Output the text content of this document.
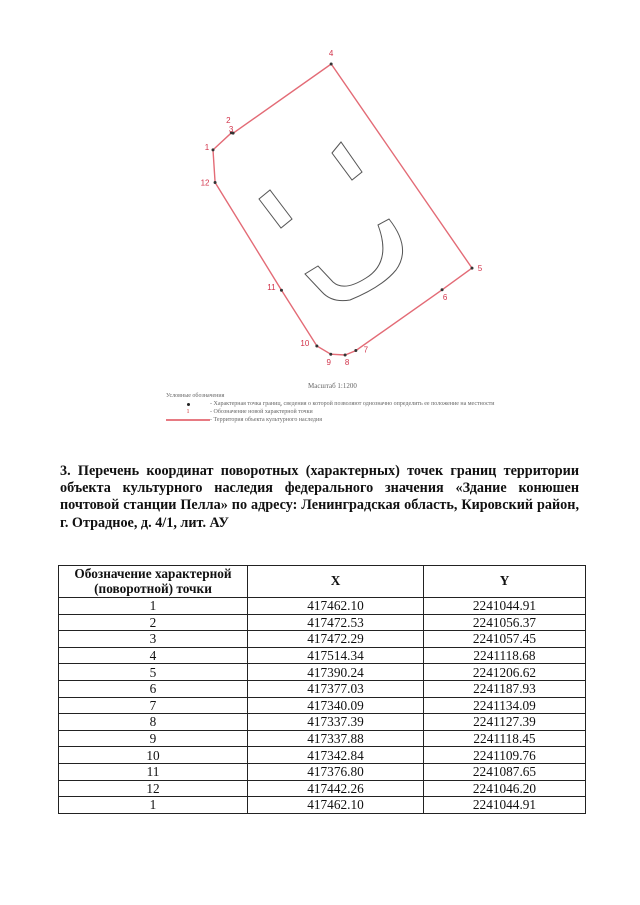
1
2
3
4
5
6
7
8
9
10
11
12
Масштаб 1:1200
Условные обозначения
- Характерная точка границ, сведения о которой позволяют однозначно определить ее положение на местности
1	- Обозначение новой характерной точки
- Территория объекта культурного наследия
3. Перечень координат поворотных (характерных) точек границ территории объекта культурного наследия федерального значения «Здание конюшен почтовой станции Пелла» по адресу: Ленинградская область, Кировский район, г. Отрадное, д. 4/1, лит. АУ
Обозначение характерной (поворотной) точки	X	Y
1	417462.10	2241044.91
2	417472.53	2241056.37
3	417472.29	2241057.45
4	417514.34	2241118.68
5	417390.24	2241206.62
6	417377.03	2241187.93
7	417340.09	2241134.09
8	417337.39	2241127.39
9	417337.88	2241118.45
10	417342.84	2241109.76
11	417376.80	2241087.65
12	417442.26	2241046.20
1	417462.10	2241044.91
